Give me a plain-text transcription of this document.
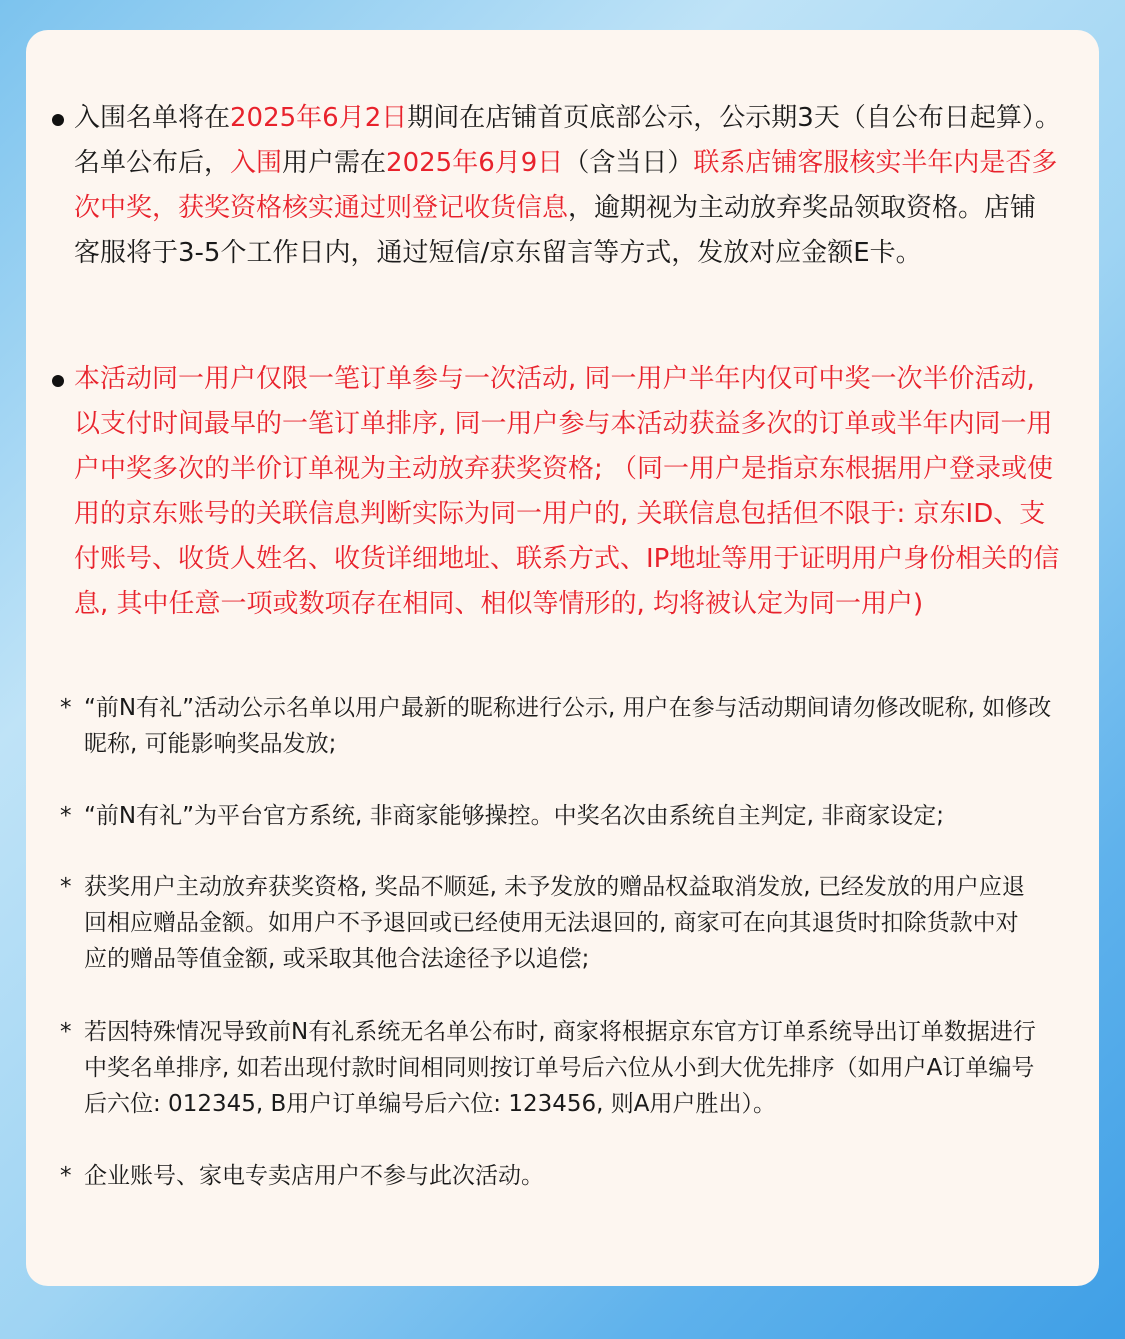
入围名单将在2025年6月2日期间在店铺首页底部公示，公示期3天（自公布日起算）。名单公布后，入围用户需在2025年6月9日（含当日）联系店铺客服核实半年内是否多次中奖，获奖资格核实通过则登记收货信息，逾期视为主动放弃奖品领取资格。店铺客服将于3-5个工作日内，通过短信/京东留言等方式，发放对应金额E卡。
本活动同一用户仅限一笔订单参与一次活动, 同一用户半年内仅可中奖一次半价活动, 以支付时间最早的一笔订单排序, 同一用户参与本活动获益多次的订单或半年内同一用户中奖多次的半价订单视为主动放弃获奖资格; （同一用户是指京东根据用户登录或使用的京东账号的关联信息判断实际为同一用户的, 关联信息包括但不限于: 京东ID、支付账号、收货人姓名、收货详细地址、联系方式、IP地址等用于证明用户身份相关的信息, 其中任意一项或数项存在相同、相似等情形的, 均将被认定为同一用户)
* “前N有礼”活动公示名单以用户最新的昵称进行公示, 用户在参与活动期间请勿修改昵称, 如修改昵称, 可能影响奖品发放;
* “前N有礼”为平台官方系统, 非商家能够操控。中奖名次由系统自主判定, 非商家设定;
* 获奖用户主动放弃获奖资格, 奖品不顺延, 未予发放的赠品权益取消发放, 已经发放的用户应退回相应赠品金额。如用户不予退回或已经使用无法退回的, 商家可在向其退货时扣除货款中对应的赠品等值金额, 或采取其他合法途径予以追偿;
* 若因特殊情况导致前N有礼系统无名单公布时, 商家将根据京东官方订单系统导出订单数据进行中奖名单排序, 如若出现付款时间相同则按订单号后六位从小到大优先排序（如用户A订单编号后六位: 012345, B用户订单编号后六位: 123456, 则A用户胜出）。
* 企业账号、家电专卖店用户不参与此次活动。
